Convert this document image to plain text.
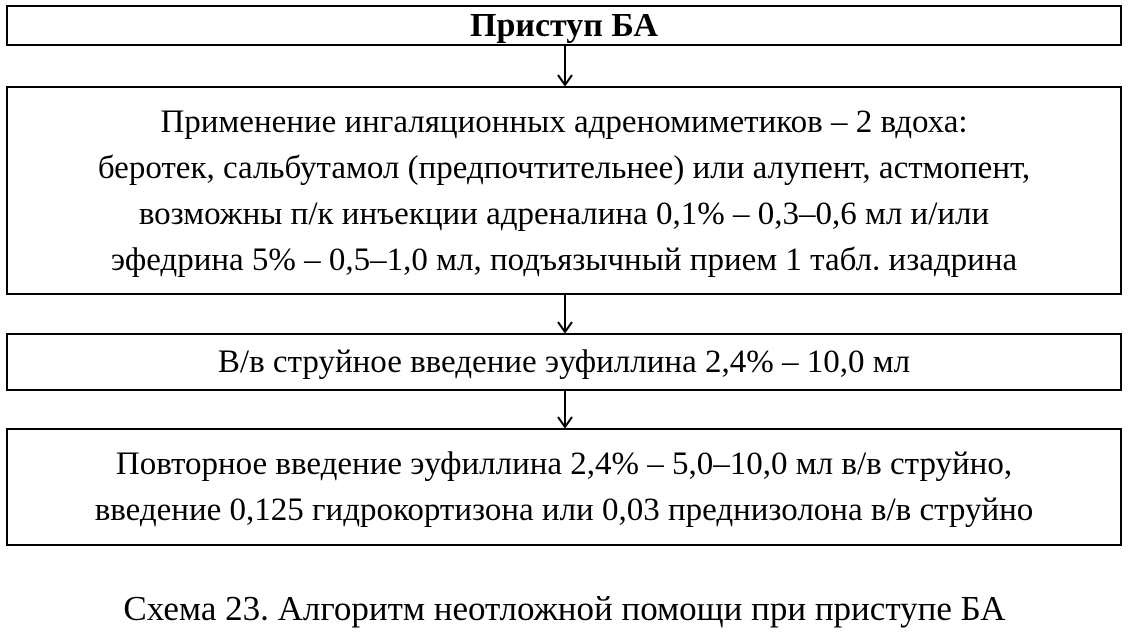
Приступ БА
Применение ингаляционных адреномиметиков – 2 вдоха:
беротек, сальбутамол (предпочтительнее) или алупент, астмопент,
возможны п/к инъекции адреналина 0,1% – 0,3–0,6 мл и/или
эфедрина 5% – 0,5–1,0 мл, подъязычный прием 1 табл. изадрина
В/в струйное введение эуфиллина 2,4% – 10,0 мл
Повторное введение эуфиллина 2,4% – 5,0–10,0 мл в/в струйно,
введение 0,125 гидрокортизона или 0,03 преднизолона в/в струйно
Схема 23. Алгоритм неотложной помощи при приступе БА
